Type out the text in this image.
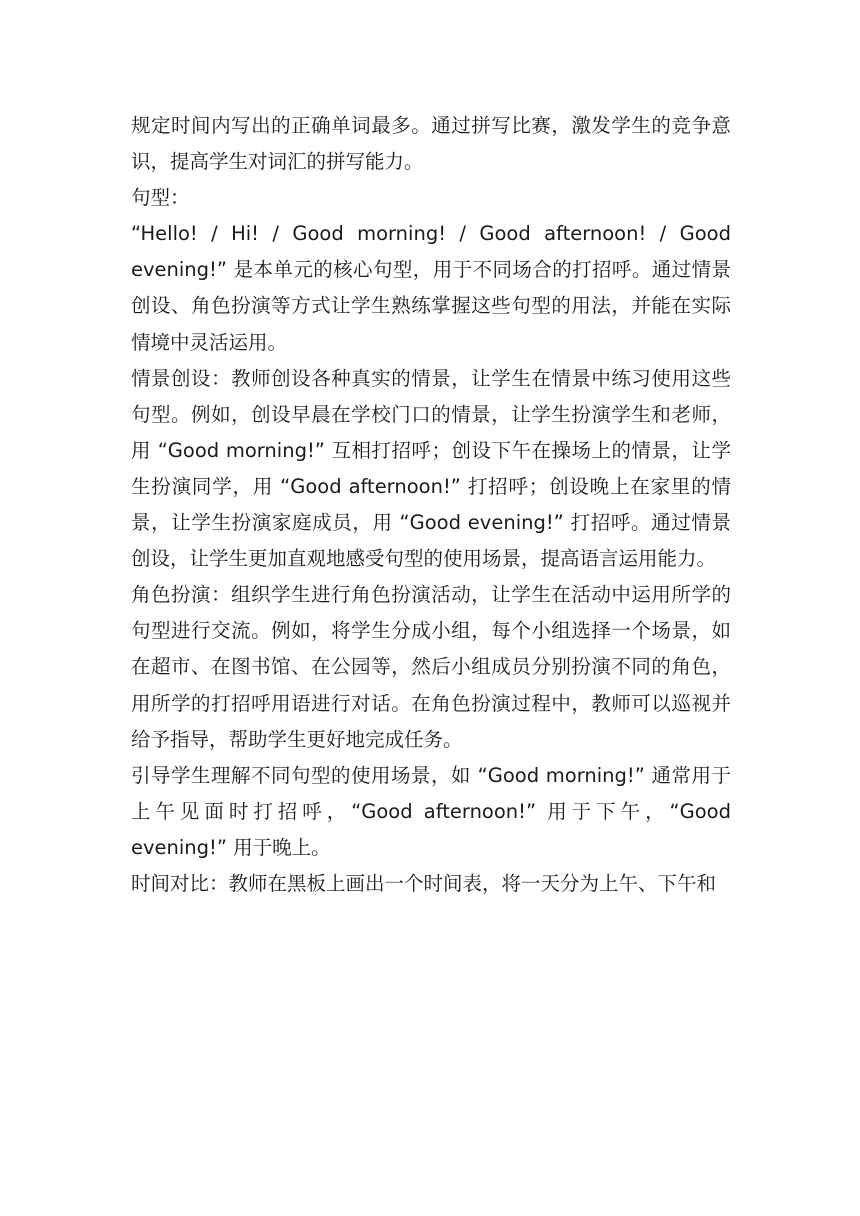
规定时间内写出的正确单词最多。通过拼写比赛，激发学生的竞争意识，提高学生对词汇的拼写能力。

句型：

“Hello! / Hi! / Good morning! / Good afternoon! / Good evening!” 是本单元的核心句型，用于不同场合的打招呼。通过情景创设、角色扮演等方式让学生熟练掌握这些句型的用法，并能在实际情境中灵活运用。

情景创设：教师创设各种真实的情景，让学生在情景中练习使用这些句型。例如，创设早晨在学校门口的情景，让学生扮演学生和老师，用 “Good morning!” 互相打招呼；创设下午在操场上的情景，让学生扮演同学，用 “Good afternoon!” 打招呼；创设晚上在家里的情景，让学生扮演家庭成员，用 “Good evening!” 打招呼。通过情景创设，让学生更加直观地感受句型的使用场景，提高语言运用能力。

角色扮演：组织学生进行角色扮演活动，让学生在活动中运用所学的句型进行交流。例如，将学生分成小组，每个小组选择一个场景，如在超市、在图书馆、在公园等，然后小组成员分别扮演不同的角色，用所学的打招呼用语进行对话。在角色扮演过程中，教师可以巡视并给予指导，帮助学生更好地完成任务。

引导学生理解不同句型的使用场景，如 “Good morning!” 通常用于上午见面时打招呼，“Good afternoon!” 用于下午，“Good evening!” 用于晚上。

时间对比：教师在黑板上画出一个时间表，将一天分为上午、下午和
